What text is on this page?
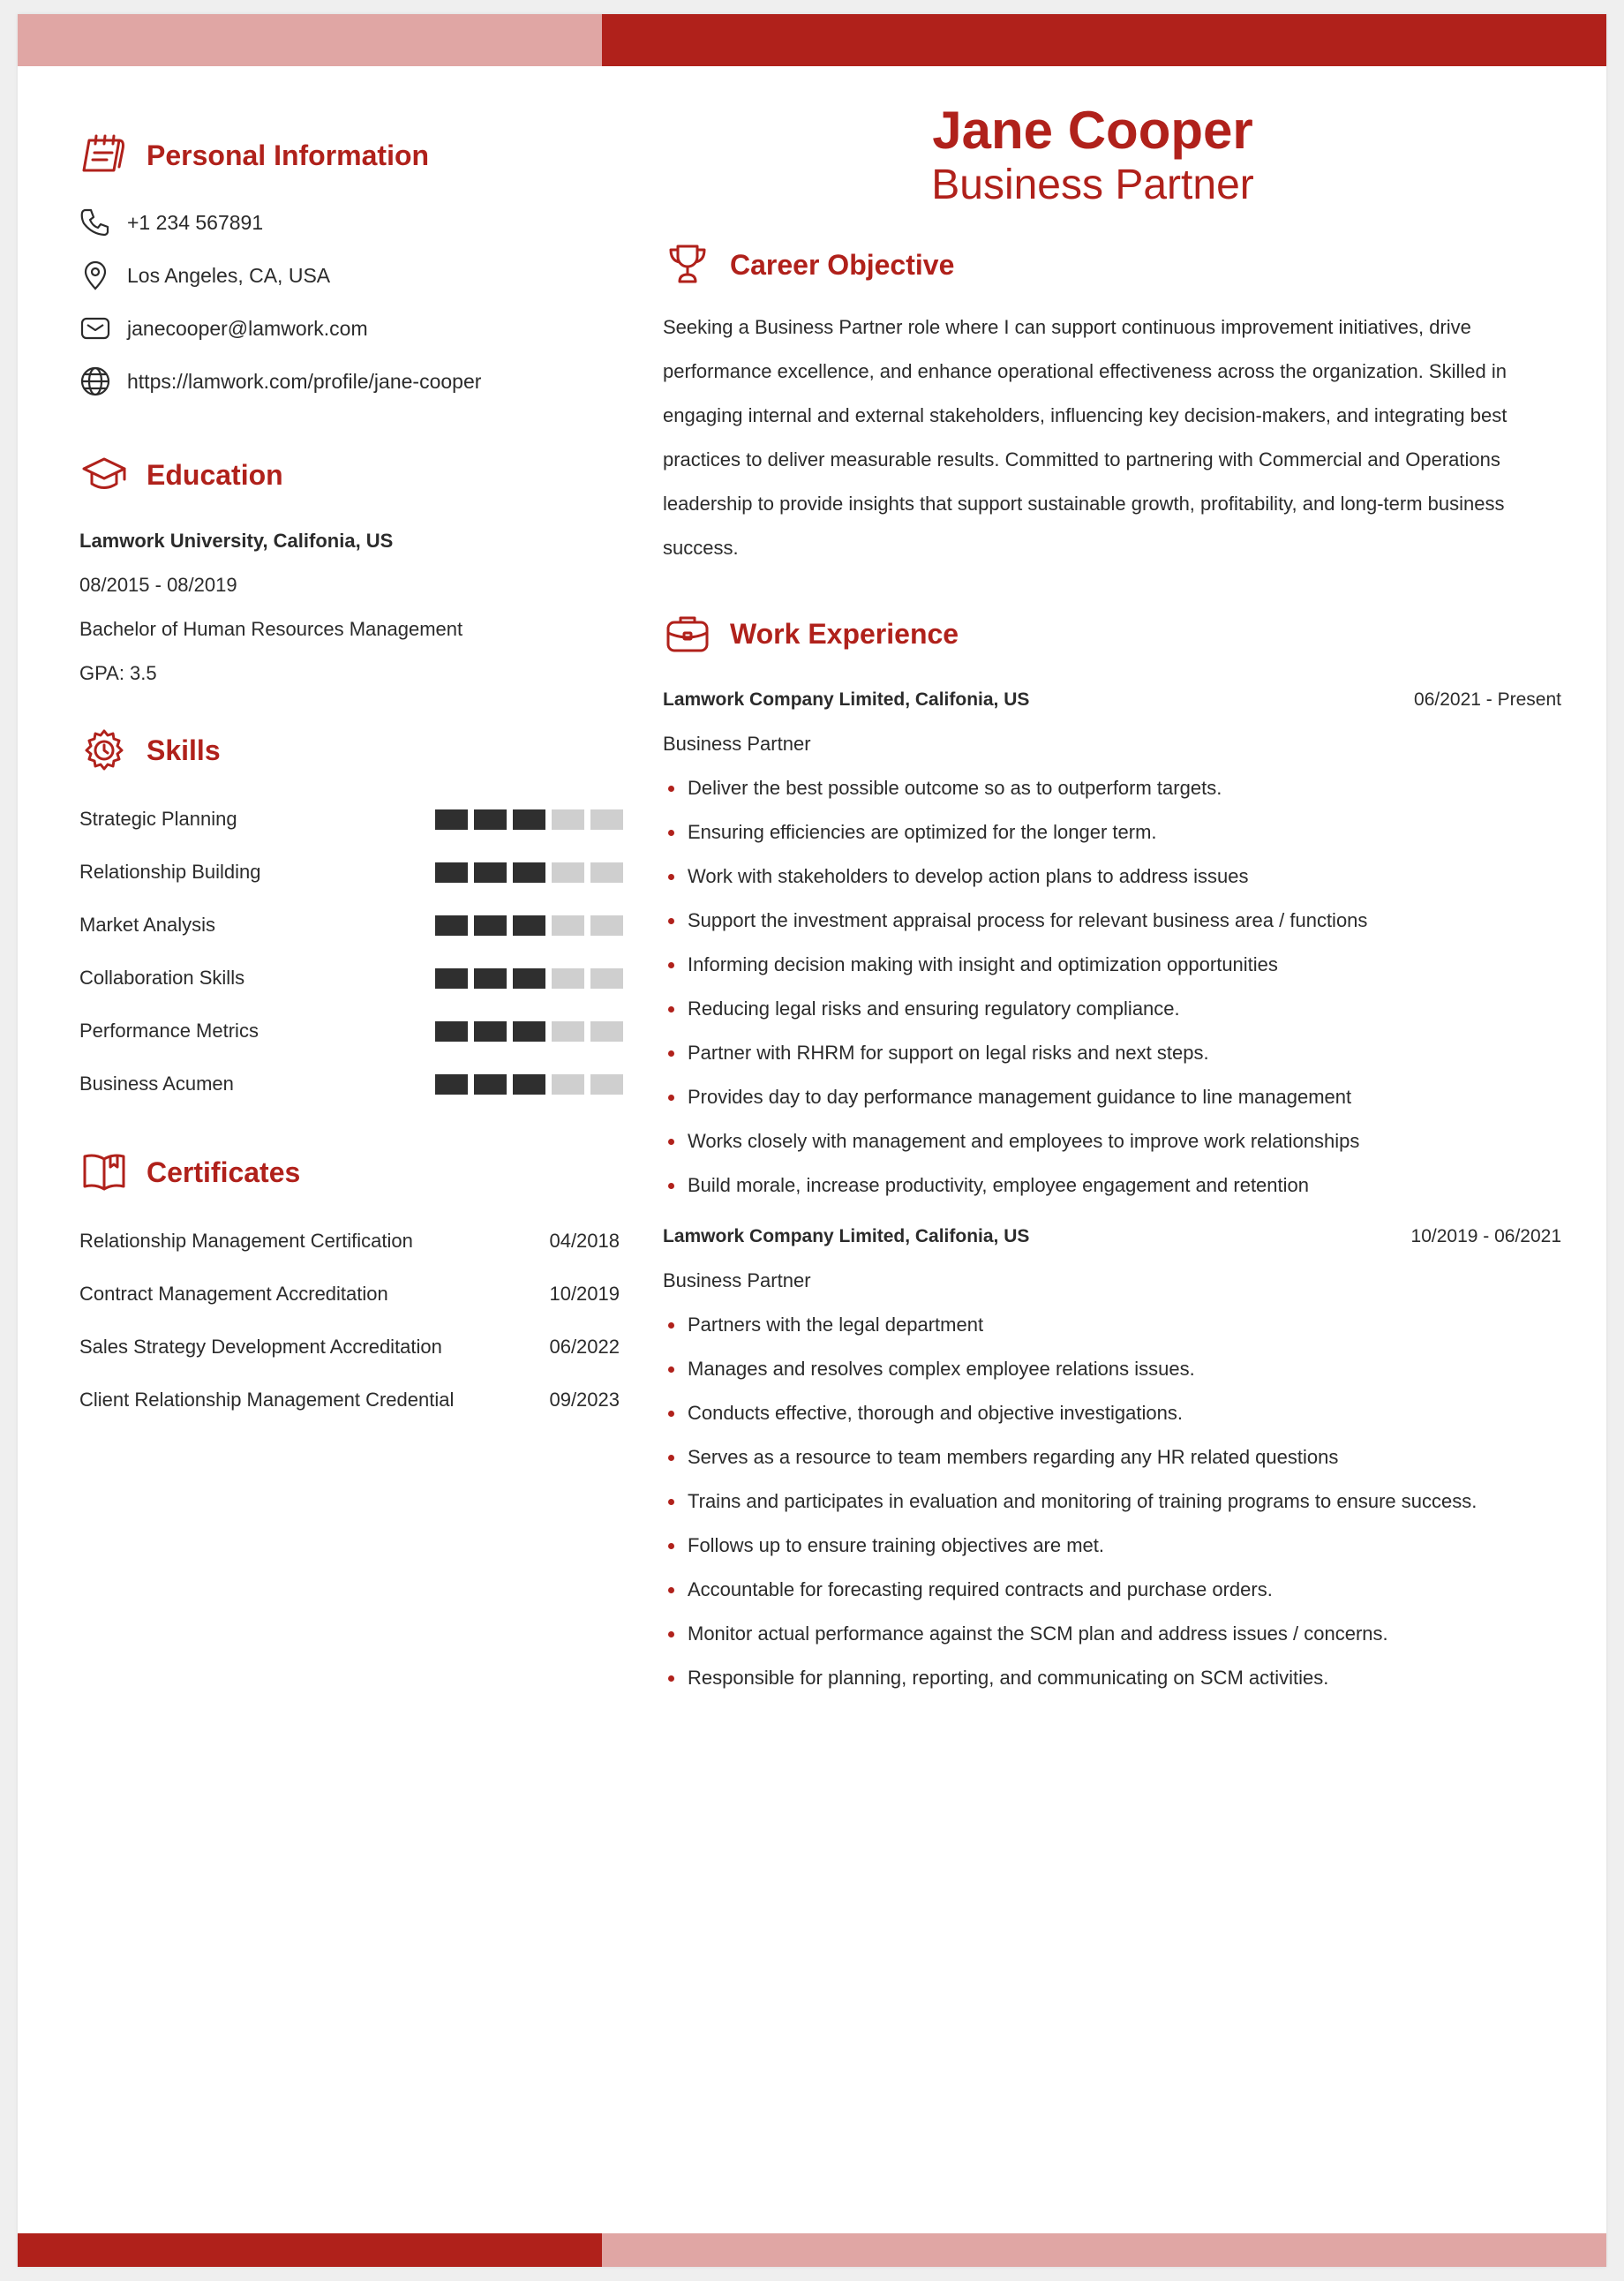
Personal Information
+1 234 567891
Los Angeles, CA, USA
janecooper@lamwork.com
https://lamwork.com/profile/jane-cooper
Education
Lamwork University, Califonia, US
08/2015 - 08/2019
Bachelor of Human Resources Management
GPA: 3.5
Skills
Strategic Planning
Relationship Building
Market Analysis
Collaboration Skills
Performance Metrics
Business Acumen
Certificates
Relationship Management Certification	04/2018
Contract Management Accreditation	10/2019
Sales Strategy Development Accreditation	06/2022
Client Relationship Management Credential	09/2023
Jane Cooper
Business Partner
Career Objective
Seeking a Business Partner role where I can support continuous improvement initiatives, drive performance excellence, and enhance operational effectiveness across the organization. Skilled in engaging internal and external stakeholders, influencing key decision-makers, and integrating best practices to deliver measurable results. Committed to partnering with Commercial and Operations leadership to provide insights that support sustainable growth, profitability, and long-term business success.
Work Experience
Lamwork Company Limited, Califonia, US	06/2021 - Present
Business Partner
Deliver the best possible outcome so as to outperform targets.
Ensuring efficiencies are optimized for the longer term.
Work with stakeholders to develop action plans to address issues
Support the investment appraisal process for relevant business area / functions
Informing decision making with insight and optimization opportunities
Reducing legal risks and ensuring regulatory compliance.
Partner with RHRM for support on legal risks and next steps.
Provides day to day performance management guidance to line management
Works closely with management and employees to improve work relationships
Build morale, increase productivity, employee engagement and retention
Lamwork Company Limited, Califonia, US	10/2019 - 06/2021
Business Partner
Partners with the legal department
Manages and resolves complex employee relations issues.
Conducts effective, thorough and objective investigations.
Serves as a resource to team members regarding any HR related questions
Trains and participates in evaluation and monitoring of training programs to ensure success.
Follows up to ensure training objectives are met.
Accountable for forecasting required contracts and purchase orders.
Monitor actual performance against the SCM plan and address issues / concerns.
Responsible for planning, reporting, and communicating on SCM activities.
